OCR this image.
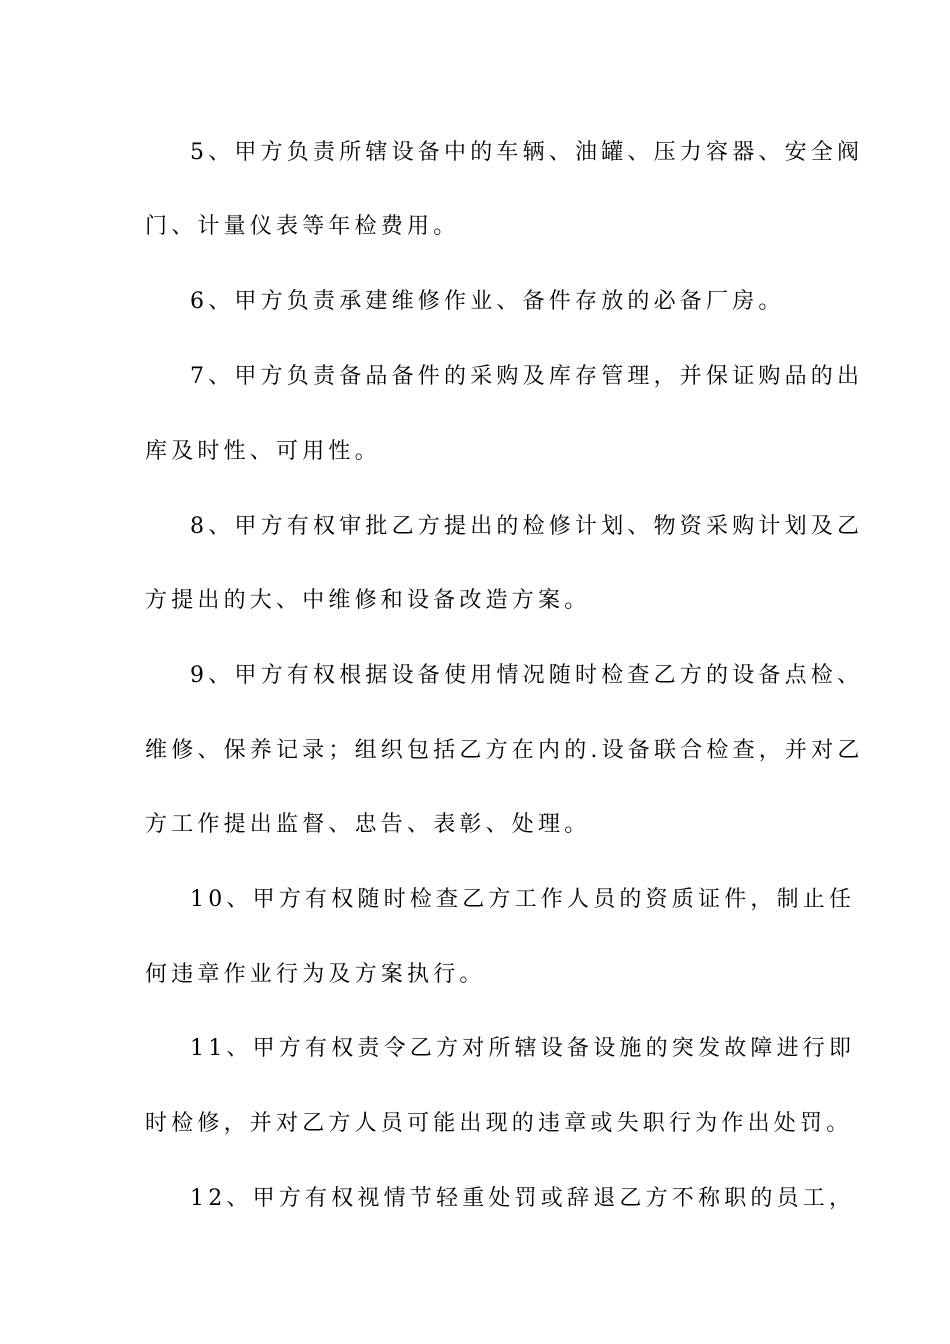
5、甲方负责所辖设备中的车辆、油罐、压力容器、安全阀
门、计量仪表等年检费用。
6、甲方负责承建维修作业、备件存放的必备厂房。
7、甲方负责备品备件的采购及库存管理，并保证购品的出
库及时性、可用性。
8、甲方有权审批乙方提出的检修计划、物资采购计划及乙
方提出的大、中维修和设备改造方案。
9、甲方有权根据设备使用情况随时检查乙方的设备点检、
维修、保养记录；组织包括乙方在内的.设备联合检查，并对乙
方工作提出监督、忠告、表彰、处理。
10、甲方有权随时检查乙方工作人员的资质证件，制止任
何违章作业行为及方案执行。
11、甲方有权责令乙方对所辖设备设施的突发故障进行即
时检修，并对乙方人员可能出现的违章或失职行为作出处罚。
12、甲方有权视情节轻重处罚或辞退乙方不称职的员工，
